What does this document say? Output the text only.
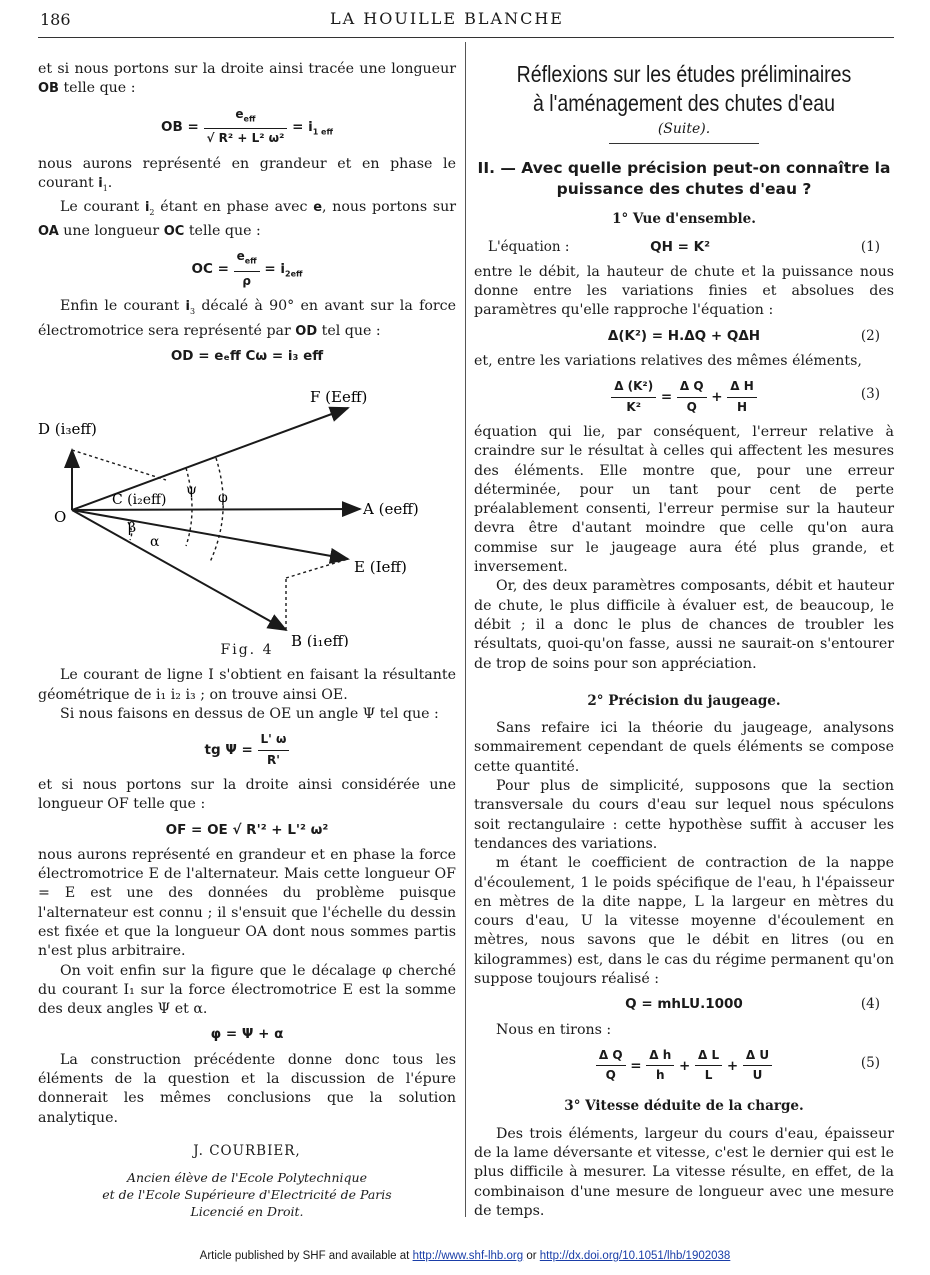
186	LA HOUILLE BLANCHE

et si nous portons sur la droite ainsi tracée une longueur OB telle que :

OB = $\frac{e_{eff}}{\text{√ R² + L² ω²}} = i_{1 eff}$

nous aurons représenté en grandeur et en phase le courant $i_1$.

Le courant $i_2$ étant en phase avec e, nous portons sur OA une longueur OC telle que :

OC = $\frac{e_{eff}}{\rho} = i_{2eff}$

Enfin le courant $i_3$ décalé à 90° en avant sur la force électromotrice sera représenté par OD tel que :

OD = eₑff Cω = i₃ eff
F (Eeff)
D (i₃eff)
C (i₂eff)	A (eeff)
E (Ieff)
B (i₁eff)
O
ψ φ
β
α
Fig. 4

Le courant de ligne I s'obtient en faisant la résultante géométrique de i₁ i₂ i₃ ; on trouve ainsi OE.

Si nous faisons en dessus de OE un angle Ψ tel que :

tg $\Psi = \frac{L' \omega}{R'}$

et si nous portons sur la droite ainsi considérée une longueur OF telle que :

OF = OE √ R'² + L'² ω²

nous aurons représenté en grandeur et en phase la force électromotrice E de l'alternateur. Mais cette longueur OF = E est une des données du problème puisque l'alternateur est connu ; il s'ensuit que l'échelle du dessin est fixée et que la longueur OA dont nous sommes partis n'est plus arbitraire.

On voit enfin sur la figure que le décalage φ cherché du courant I₁ sur la force électromotrice E est la somme des deux angles Ψ et α.

φ = Ψ + α

La construction précédente donne donc tous les éléments de la question et la discussion de l'épure donnerait les mêmes conclusions que la solution analytique.

J. COURBIER,
Ancien élève de l'Ecole Polytechnique
et de l'Ecole Supérieure d'Electricité de Paris
Licencié en Droit.
Réflexions sur les études préliminaires
à l'aménagement des chutes d'eau
(Suite).
II. — Avec quelle précision peut-on connaître la puissance des chutes d'eau ?
1° Vue d'ensemble.
L'équation :	QH = K²	(1)

entre le débit, la hauteur de chute et la puissance nous donne entre les variations finies et absolues des paramètres qu'elle rapproche l'équation :

Δ(K²) = H.ΔQ + QΔH	(2)

et, entre les variations relatives des mêmes éléments,

$\frac{\text{Δ (K²)}}{\text{K²}} = \frac{\text{Δ Q}}{Q} + \frac{\text{Δ H}}{H}$	(3)

équation qui lie, par conséquent, l'erreur relative à craindre sur le résultat à celles qui affectent les mesures des éléments. Elle montre que, pour une erreur déterminée, pour un tant pour cent de perte préalablement consenti, l'erreur permise sur la hauteur devra être d'autant moindre que celle qu'on aura commise sur le jaugeage aura été plus grande, et inversement.

Or, des deux paramètres composants, débit et hauteur de chute, le plus difficile à évaluer est, de beaucoup, le débit ; il a donc le plus de chances de troubler les résultats, quoi-qu'on fasse, aussi ne saurait-on s'entourer de trop de soins pour son appréciation.

2° Précision du jaugeage.

Sans refaire ici la théorie du jaugeage, analysons sommairement cependant de quels éléments se compose cette quantité.

Pour plus de simplicité, supposons que la section transversale du cours d'eau sur lequel nous spéculons soit rectangulaire : cette hypothèse suffit à accuser les tendances des variations.

m étant le coefficient de contraction de la nappe d'écoulement, 1 le poids spécifique de l'eau, h l'épaisseur en mètres de la dite nappe, L la largeur en mètres du cours d'eau, U la vitesse moyenne d'écoulement en mètres, nous savons que le débit en litres (ou en kilogrammes) est, dans le cas du régime permanent qu'on suppose toujours réalisé :

Q = mhLU.1000	(4)

Nous en tirons :

$\frac{\text{Δ Q}}{Q} = \frac{\text{Δ h}}{h} + \frac{\text{Δ L}}{L} + \frac{\text{Δ U}}{U}$	(5)
3° Vitesse déduite de la charge.

Des trois éléments, largeur du cours d'eau, épaisseur de la lame déversante et vitesse, c'est le dernier qui est le plus difficile à mesurer. La vitesse résulte, en effet, de la combinaison d'une mesure de longueur avec une mesure de temps.

Article published by SHF and available at http://www.shf-lhb.org or http://dx.doi.org/10.1051/lhb/1902038
